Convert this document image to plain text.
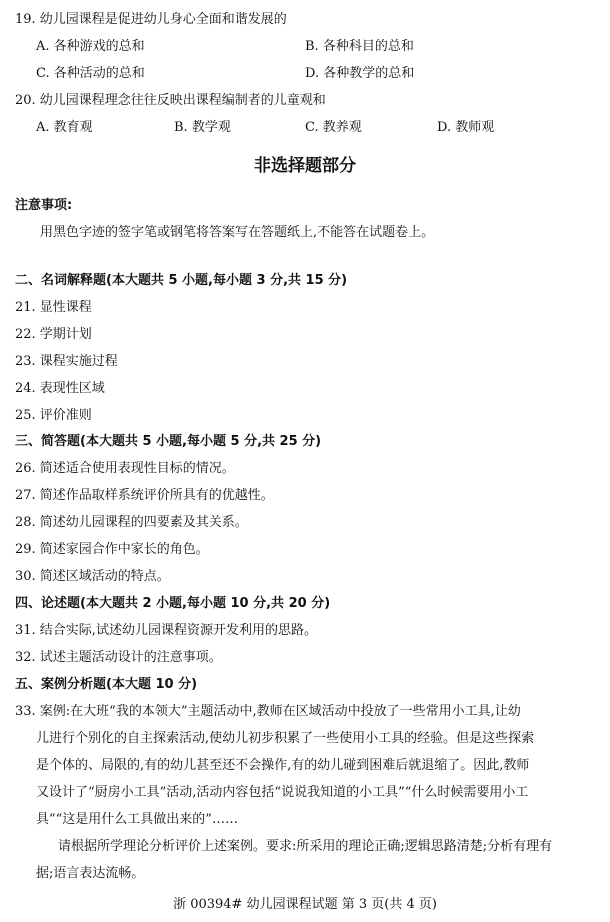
19. 幼儿园课程是促进幼儿身心全面和谐发展的
A. 各种游戏的总和	B. 各种科目的总和
C. 各种活动的总和	D. 各种教学的总和
20. 幼儿园课程理念往往反映出课程编制者的儿童观和
A. 教育观	B. 教学观	C. 教养观	D. 教师观
非选择题部分
注意事项:
用黑色字迹的签字笔或钢笔将答案写在答题纸上,不能答在试题卷上。
二、名词解释题(本大题共 5 小题,每小题 3 分,共 15 分)
21. 显性课程
22. 学期计划
23. 课程实施过程
24. 表现性区域
25. 评价准则
三、简答题(本大题共 5 小题,每小题 5 分,共 25 分)
26. 简述适合使用表现性目标的情况。
27. 简述作品取样系统评价所具有的优越性。
28. 简述幼儿园课程的四要素及其关系。
29. 简述家园合作中家长的角色。
30. 简述区域活动的特点。
四、论述题(本大题共 2 小题,每小题 10 分,共 20 分)
31. 结合实际,试述幼儿园课程资源开发利用的思路。
32. 试述主题活动设计的注意事项。
五、案例分析题(本大题 10 分)
33. 案例:在大班“我的本领大”主题活动中,教师在区域活动中投放了一些常用小工具,让幼
儿进行个别化的自主探索活动,使幼儿初步积累了一些使用小工具的经验。但是这些探索
是个体的、局限的,有的幼儿甚至还不会操作,有的幼儿碰到困难后就退缩了。因此,教师
又设计了“厨房小工具”活动,活动内容包括“说说我知道的小工具”“什么时候需要用小工
具”“这是用什么工具做出来的”……
请根据所学理论分析评价上述案例。要求:所采用的理论正确;逻辑思路清楚;分析有理有
据;语言表达流畅。
浙 00394# 幼儿园课程试题 第 3 页(共 4 页)
